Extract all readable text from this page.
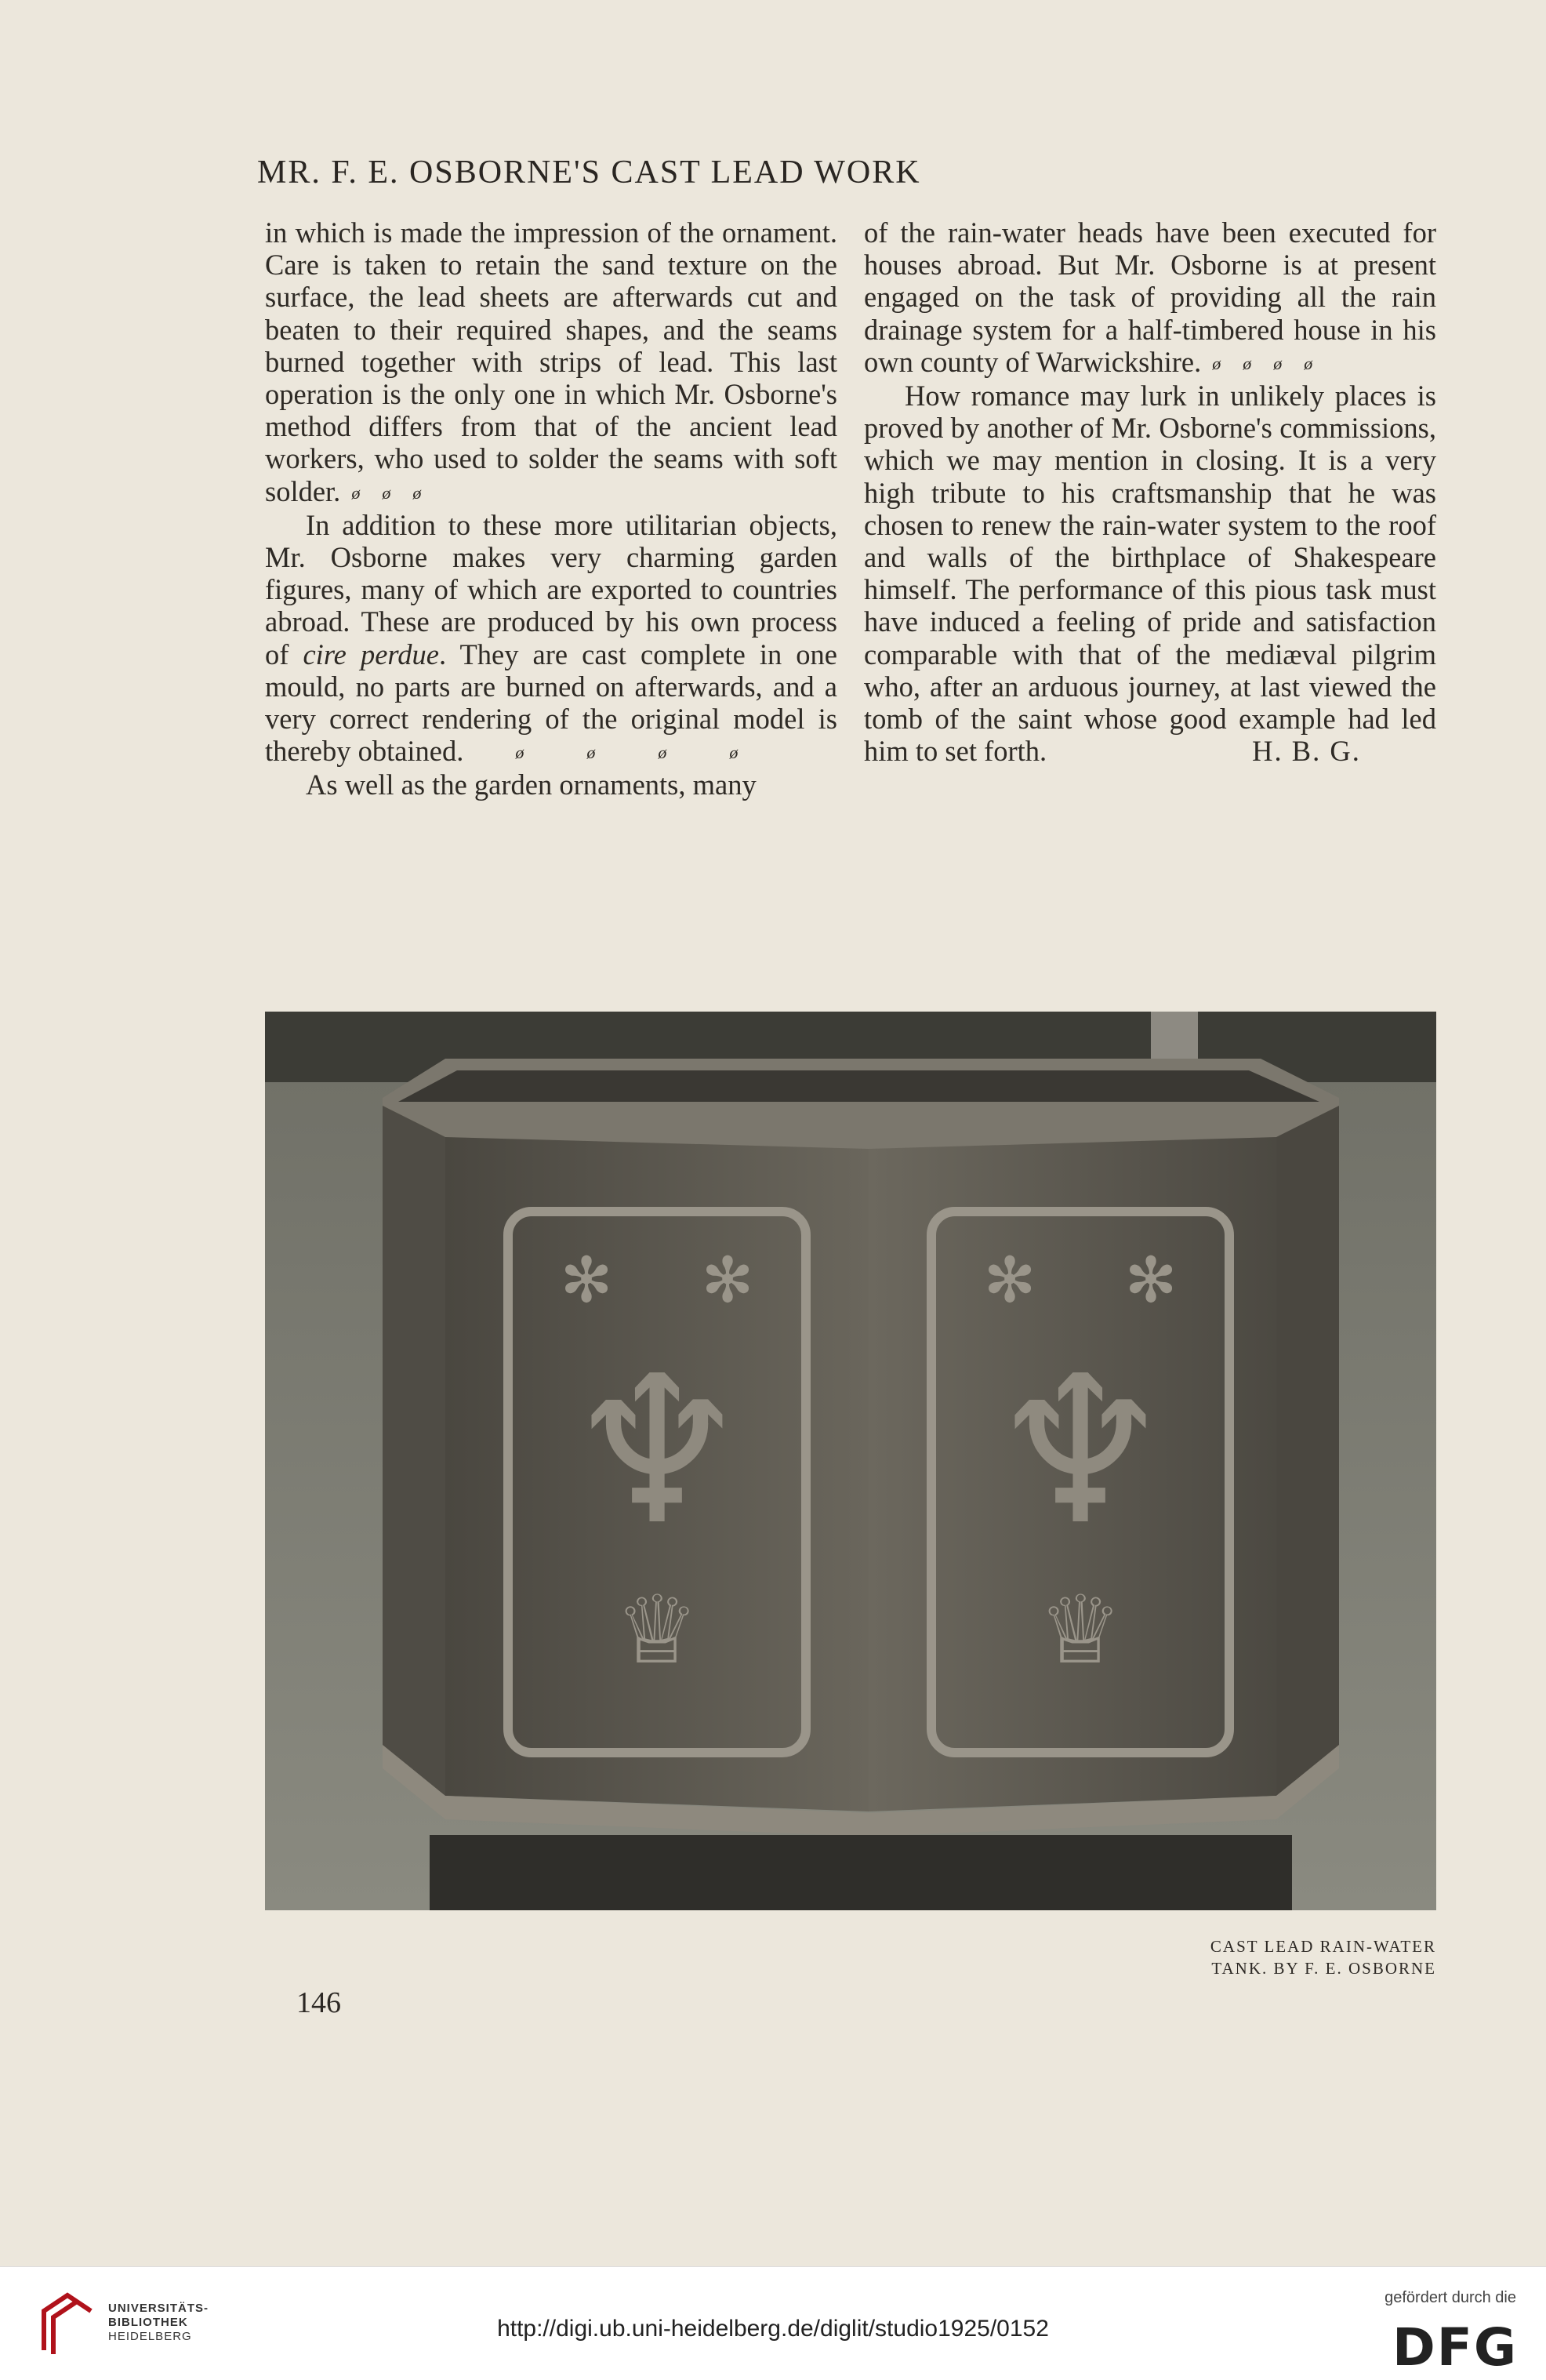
MR. F. E. OSBORNE'S CAST LEAD WORK

in which is made the impression of the ornament. Care is taken to retain the sand texture on the surface, the lead sheets are afterwards cut and beaten to their required shapes, and the seams burned together with strips of lead. This last operation is the only one in which Mr. Osborne's method differs from that of the ancient lead workers, who used to solder the seams with soft solder. ø ø ø

In addition to these more utilitarian objects, Mr. Osborne makes very charming garden figures, many of which are exported to countries abroad. These are produced by his own process of cire perdue. They are cast complete in one mould, no parts are burned on afterwards, and a very correct rendering of the original model is thereby obtained.	ø	ø	ø	ø

As well as the garden ornaments, many

of the rain-water heads have been executed for houses abroad. But Mr. Osborne is at present engaged on the task of providing all the rain drainage system for a half-timbered house in his own county of Warwickshire. ø ø ø ø

How romance may lurk in unlikely places is proved by another of Mr. Osborne's commissions, which we may mention in closing. It is a very high tribute to his craftsmanship that he was chosen to renew the rain-water system to the roof and walls of the birthplace of Shakespeare himself. The performance of this pious task must have induced a feeling of pride and satisfaction comparable with that of the mediæval pilgrim who, after an arduous journey, at last viewed the tomb of the saint whose good example had led him to set forth.	H. B. G.

♆ ♆
♕	♕
✻ ✻	✻ ✻
CAST LEAD RAIN-WATER
TANK. BY F. E. OSBORNE
146
UNIVERSITÄTS-
BIBLIOTHEK
HEIDELBERG	http://digi.ub.uni-heidelberg.de/diglit/studio1925/0152
gefördert durch die
DFG
